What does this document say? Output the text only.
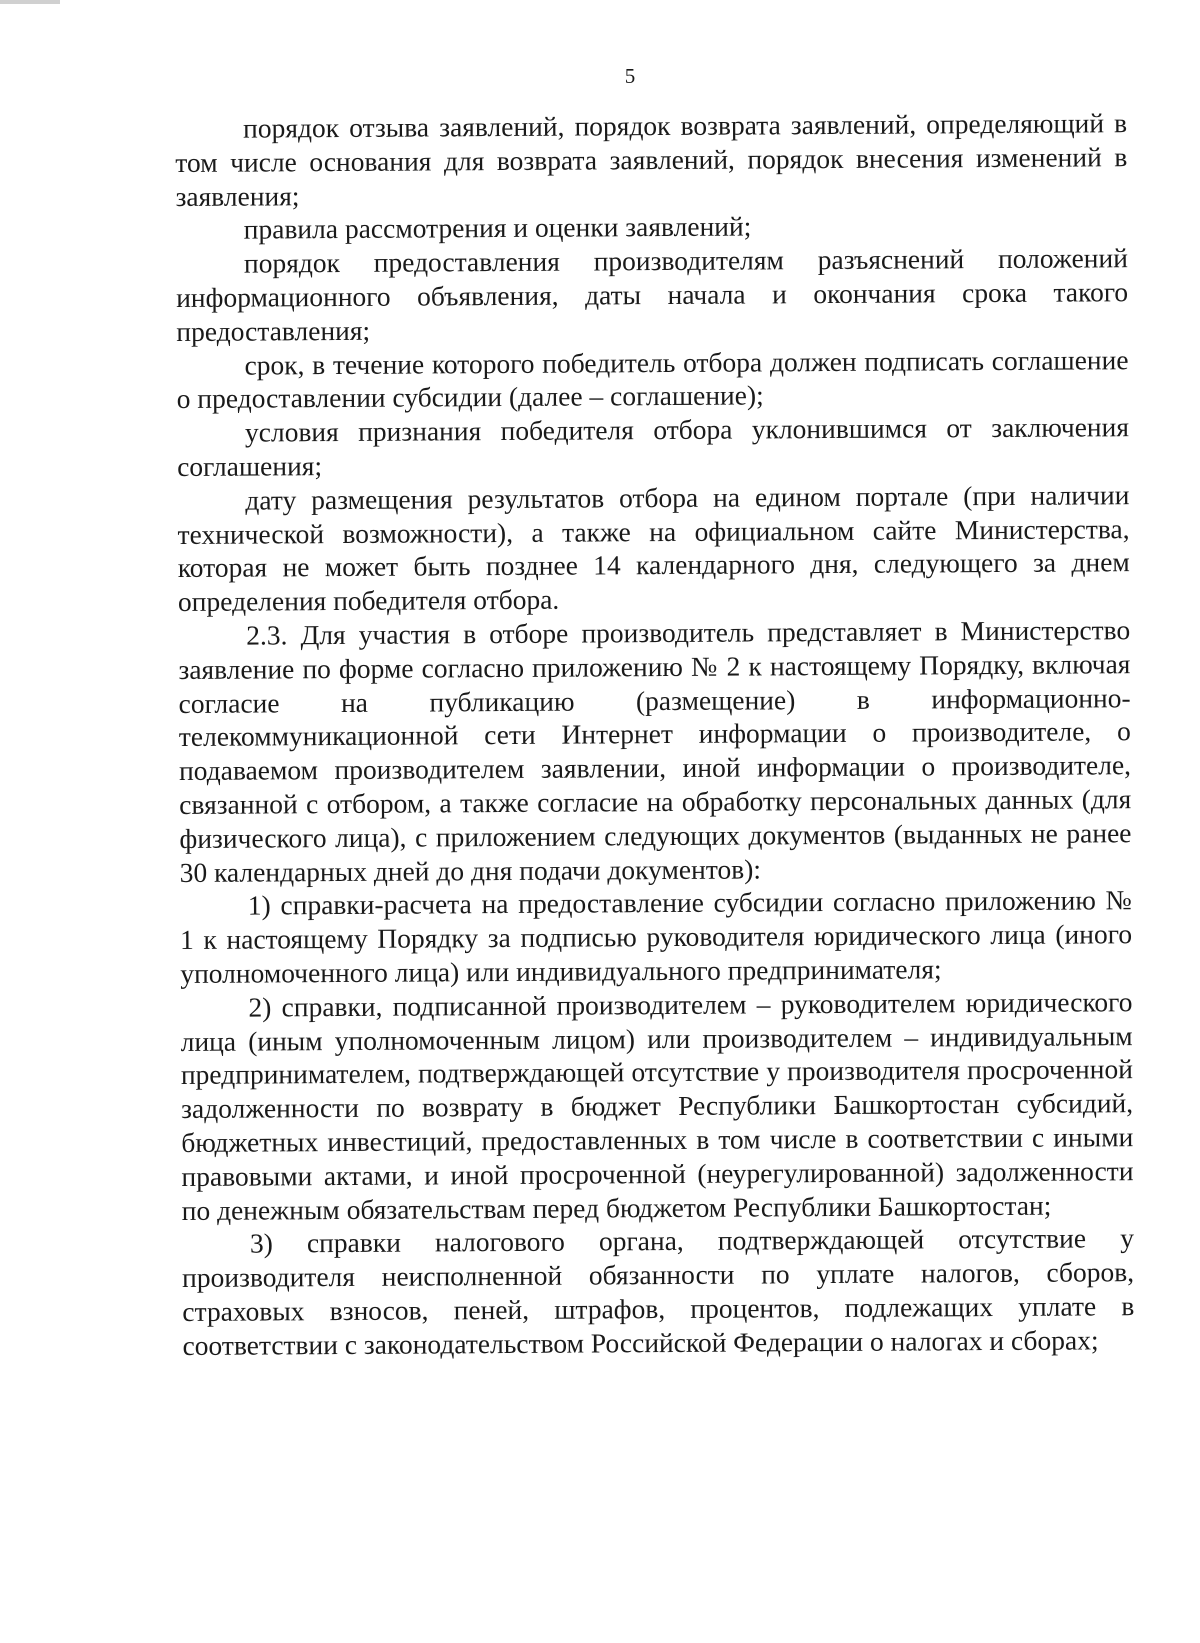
5

порядок отзыва заявлений, порядок возврата заявлений, определяющий в том числе основания для возврата заявлений, порядок внесения изменений в заявления;

правила рассмотрения и оценки заявлений;

порядок предоставления производителям разъяснений положений информационного объявления, даты начала и окончания срока такого предоставления;

срок, в течение которого победитель отбора должен подписать соглашение о предоставлении субсидии (далее – соглашение);

условия признания победителя отбора уклонившимся от заключения соглашения;

дату размещения результатов отбора на едином портале (при наличии технической возможности), а также на официальном сайте Министерства, которая не может быть позднее 14 календарного дня, следующего за днем определения победителя отбора.

2.3. Для участия в отборе производитель представляет в Министерство заявление по форме согласно приложению № 2 к настоящему Порядку, включая согласие на публикацию (размещение) в информационно-телекоммуникационной сети Интернет информации о производителе, о подаваемом производителем заявлении, иной информации о производителе, связанной с отбором, а также согласие на обработку персональных данных (для физического лица), с приложением следующих документов (выданных не ранее 30 календарных дней до дня подачи документов):

1) справки-расчета на предоставление субсидии согласно приложению № 1 к настоящему Порядку за подписью руководителя юридического лица (иного уполномоченного лица) или индивидуального предпринимателя;

2) справки, подписанной производителем – руководителем юридического лица (иным уполномоченным лицом) или производителем – индивидуальным предпринимателем, подтверждающей отсутствие у производителя просроченной задолженности по возврату в бюджет Республики Башкортостан субсидий, бюджетных инвестиций, предоставленных в том числе в соответствии с иными правовыми актами, и иной просроченной (неурегулированной) задолженности по денежным обязательствам перед бюджетом Республики Башкортостан;

3) справки налогового органа, подтверждающей отсутствие у производителя неисполненной обязанности по уплате налогов, сборов, страховых взносов, пеней, штрафов, процентов, подлежащих уплате в соответствии с законодательством Российской Федерации о налогах и сборах;
